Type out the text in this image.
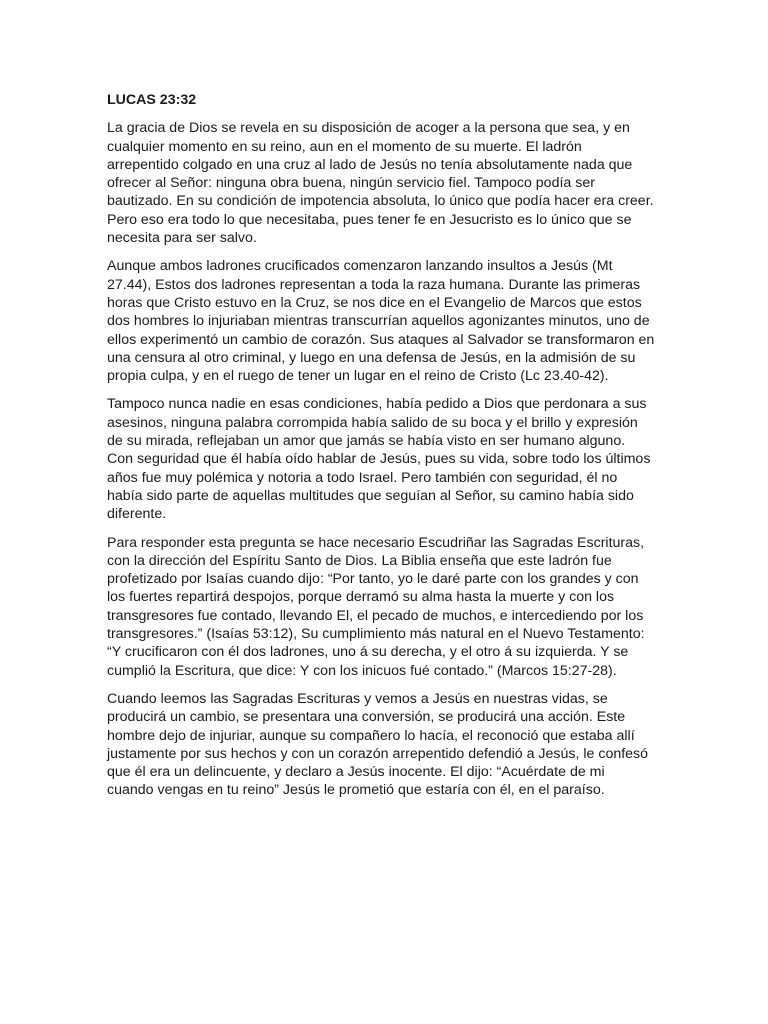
LUCAS 23:32

La gracia de Dios se revela en su disposición de acoger a la persona que sea, y en cualquier momento en su reino, aun en el momento de su muerte. El ladrón arrepentido colgado en una cruz al lado de Jesús no tenía absolutamente nada que ofrecer al Señor: ninguna obra buena, ningún servicio fiel. Tampoco podía ser bautizado. En su condición de impotencia absoluta, lo único que podía hacer era creer. Pero eso era todo lo que necesitaba, pues tener fe en Jesucristo es lo único que se necesita para ser salvo.

Aunque ambos ladrones crucificados comenzaron lanzando insultos a Jesús (Mt 27.44), Estos dos ladrones representan a toda la raza humana. Durante las primeras horas que Cristo estuvo en la Cruz, se nos dice en el Evangelio de Marcos que estos dos hombres lo injuriaban mientras transcurrían aquellos agonizantes minutos, uno de ellos experimentó un cambio de corazón. Sus ataques al Salvador se transformaron en una censura al otro criminal, y luego en una defensa de Jesús, en la admisión de su propia culpa, y en el ruego de tener un lugar en el reino de Cristo (Lc 23.40-42).

Tampoco nunca nadie en esas condiciones, había pedido a Dios que perdonara a sus asesinos, ninguna palabra corrompida había salido de su boca y el brillo y expresión de su mirada, reflejaban un amor que jamás se había visto en ser humano alguno. Con seguridad que él había oído hablar de Jesús, pues su vida, sobre todo los últimos años fue muy polémica y notoria a todo Israel. Pero también con seguridad, él no había sido parte de aquellas multitudes que seguían al Señor, su camino había sido diferente.

Para responder esta pregunta se hace necesario Escudriñar las Sagradas Escrituras, con la dirección del Espíritu Santo de Dios. La Biblia enseña que este ladrón fue profetizado por Isaías cuando dijo: “Por tanto, yo le daré parte con los grandes y con los fuertes repartirá despojos, porque derramó su alma hasta la muerte y con los transgresores fue contado, llevando El, el pecado de muchos, e intercediendo por los transgresores.” (Isaías 53:12), Su cumplimiento más natural en el Nuevo Testamento: “Y crucificaron con él dos ladrones, uno á su derecha, y el otro á su izquierda. Y se cumplió la Escritura, que dice: Y con los inicuos fué contado.” (Marcos 15:27-28).

Cuando leemos las Sagradas Escrituras y vemos a Jesús en nuestras vidas, se producirá un cambio, se presentara una conversión, se producirá una acción. Este hombre dejo de injuriar, aunque su compañero lo hacía, el reconoció que estaba allí justamente por sus hechos y con un corazón arrepentido defendió a Jesús, le confesó que él era un delincuente, y declaro a Jesús inocente. El dijo: “Acuérdate de mi cuando vengas en tu reino” Jesús le prometió que estaría con él, en el paraíso.
